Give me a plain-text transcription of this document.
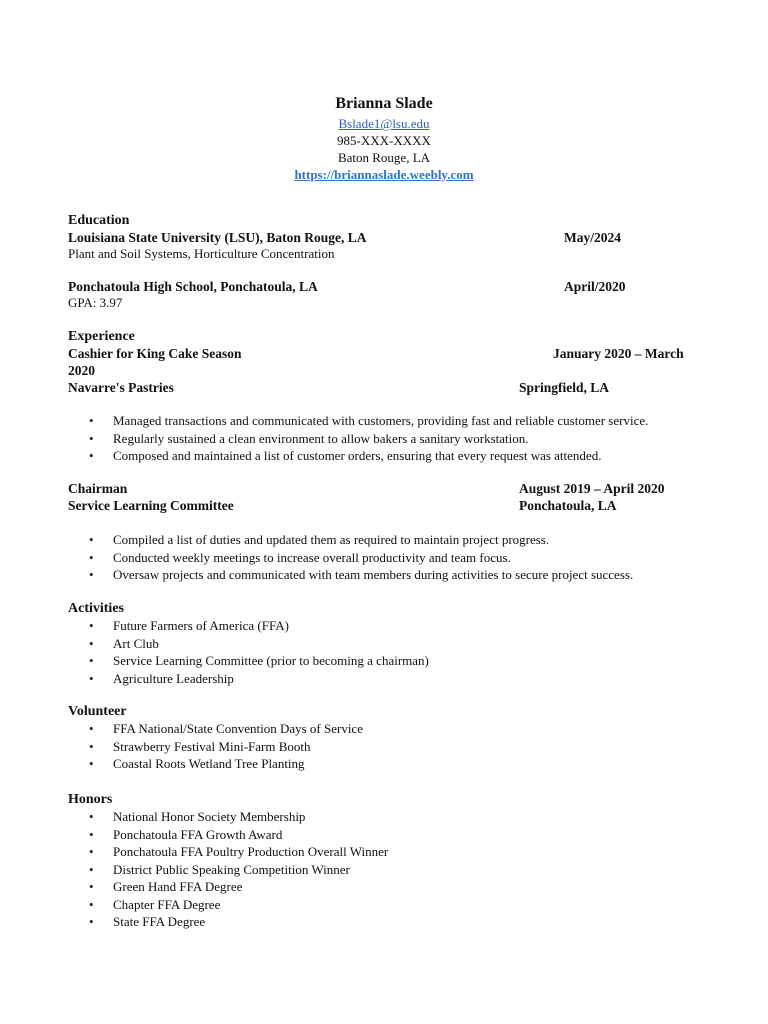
Brianna Slade
Bslade1@lsu.edu
985-XXX-XXXX
Baton Rouge, LA
https://briannaslade.weebly.com
Education
Louisiana State University (LSU), Baton Rouge, LA	May/2024
Plant and Soil Systems, Horticulture Concentration
Ponchatoula High School, Ponchatoula, LA	April/2020
GPA: 3.97
Experience
Cashier for King Cake Season	January 2020 – March
2020
Navarre's Pastries	Springfield, LA
• Managed transactions and communicated with customers, providing fast and reliable customer service.
• Regularly sustained a clean environment to allow bakers a sanitary workstation.
• Composed and maintained a list of customer orders, ensuring that every request was attended.
Chairman	August 2019 – April 2020
Service Learning Committee	Ponchatoula, LA
• Compiled a list of duties and updated them as required to maintain project progress.
• Conducted weekly meetings to increase overall productivity and team focus.
• Oversaw projects and communicated with team members during activities to secure project success.
Activities
• Future Farmers of America (FFA)
• Art Club
• Service Learning Committee (prior to becoming a chairman)
• Agriculture Leadership
Volunteer
• FFA National/State Convention Days of Service
• Strawberry Festival Mini-Farm Booth
• Coastal Roots Wetland Tree Planting
Honors
• National Honor Society Membership
• Ponchatoula FFA Growth Award
• Ponchatoula FFA Poultry Production Overall Winner
• District Public Speaking Competition Winner
• Green Hand FFA Degree
• Chapter FFA Degree
• State FFA Degree
